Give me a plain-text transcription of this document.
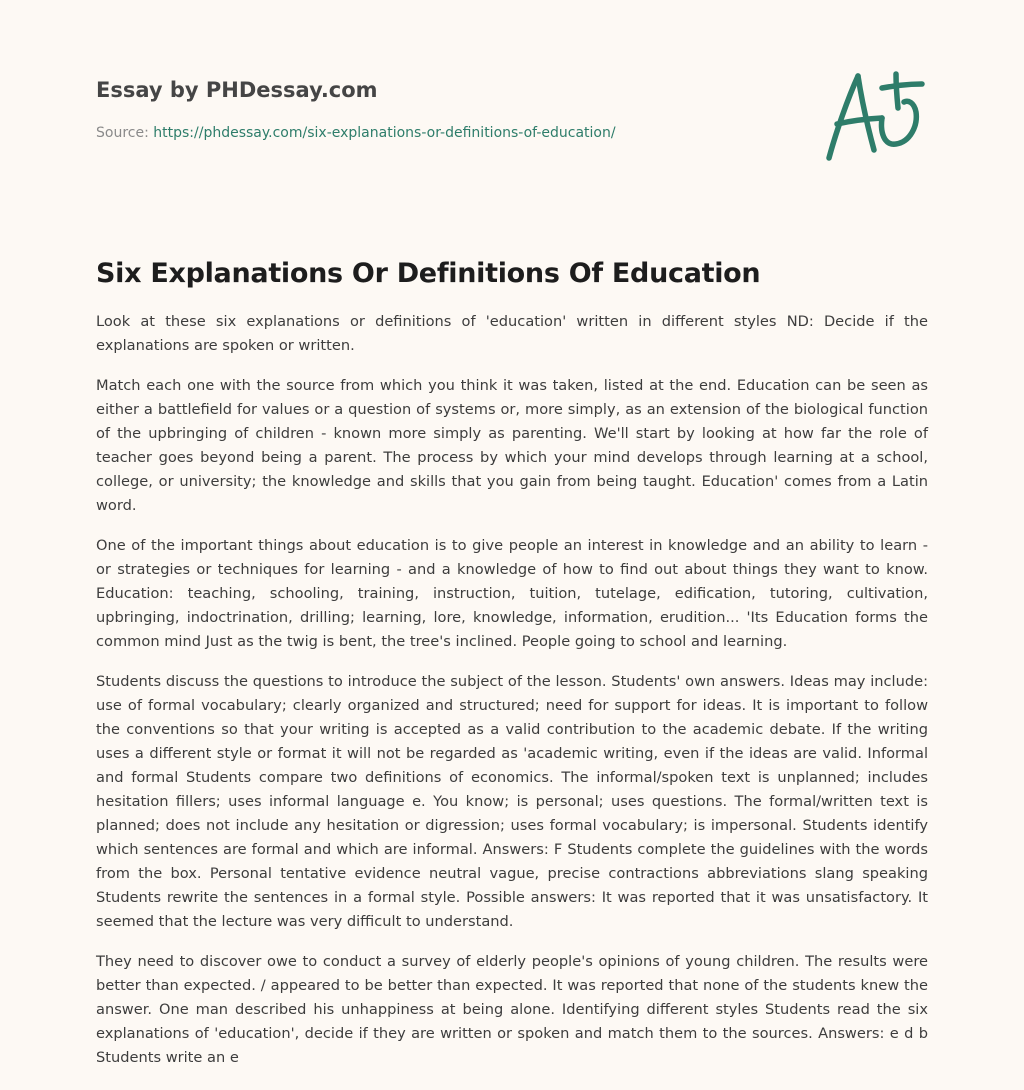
Essay by PHDessay.com
Source: https://phdessay.com/six-explanations-or-definitions-of-education/
Six Explanations Or Definitions Of Education

Look at these six explanations or definitions of 'education' written in different styles ND: Decide if the explanations are spoken or written.

Match each one with the source from which you think it was taken, listed at the end. Education can be seen as either a battlefield for values or a question of systems or, more simply, as an extension of the biological function of the upbringing of children - known more simply as parenting. We'll start by looking at how far the role of teacher goes beyond being a parent. The process by which your mind develops through learning at a school, college, or university; the knowledge and skills that you gain from being taught. Education' comes from a Latin word.

One of the important things about education is to give people an interest in knowledge and an ability to learn - or strategies or techniques for learning - and a knowledge of how to find out about things they want to know. Education: teaching, schooling, training, instruction, tuition, tutelage, edification, tutoring, cultivation, upbringing, indoctrination, drilling; learning, lore, knowledge, information, erudition... 'Its Education forms the common mind Just as the twig is bent, the tree's inclined. People going to school and learning.

Students discuss the questions to introduce the subject of the lesson. Students' own answers. Ideas may include: use of formal vocabulary; clearly organized and structured; need for support for ideas. It is important to follow the conventions so that your writing is accepted as a valid contribution to the academic debate. If the writing uses a different style or format it will not be regarded as 'academic writing, even if the ideas are valid. Informal and formal Students compare two definitions of economics. The informal/spoken text is unplanned; includes hesitation fillers; uses informal language e. You know; is personal; uses questions. The formal/written text is planned; does not include any hesitation or digression; uses formal vocabulary; is impersonal. Students identify which sentences are formal and which are informal. Answers: F Students complete the guidelines with the words from the box. Personal tentative evidence neutral vague, precise contractions abbreviations slang speaking Students rewrite the sentences in a formal style. Possible answers: It was reported that it was unsatisfactory. It seemed that the lecture was very difficult to understand.

They need to discover owe to conduct a survey of elderly people's opinions of young children. The results were better than expected. / appeared to be better than expected. It was reported that none of the students knew the answer. One man described his unhappiness at being alone. Identifying different styles Students read the six explanations of 'education', decide if they are written or spoken and match them to the sources. Answers: e d b Students write an e
